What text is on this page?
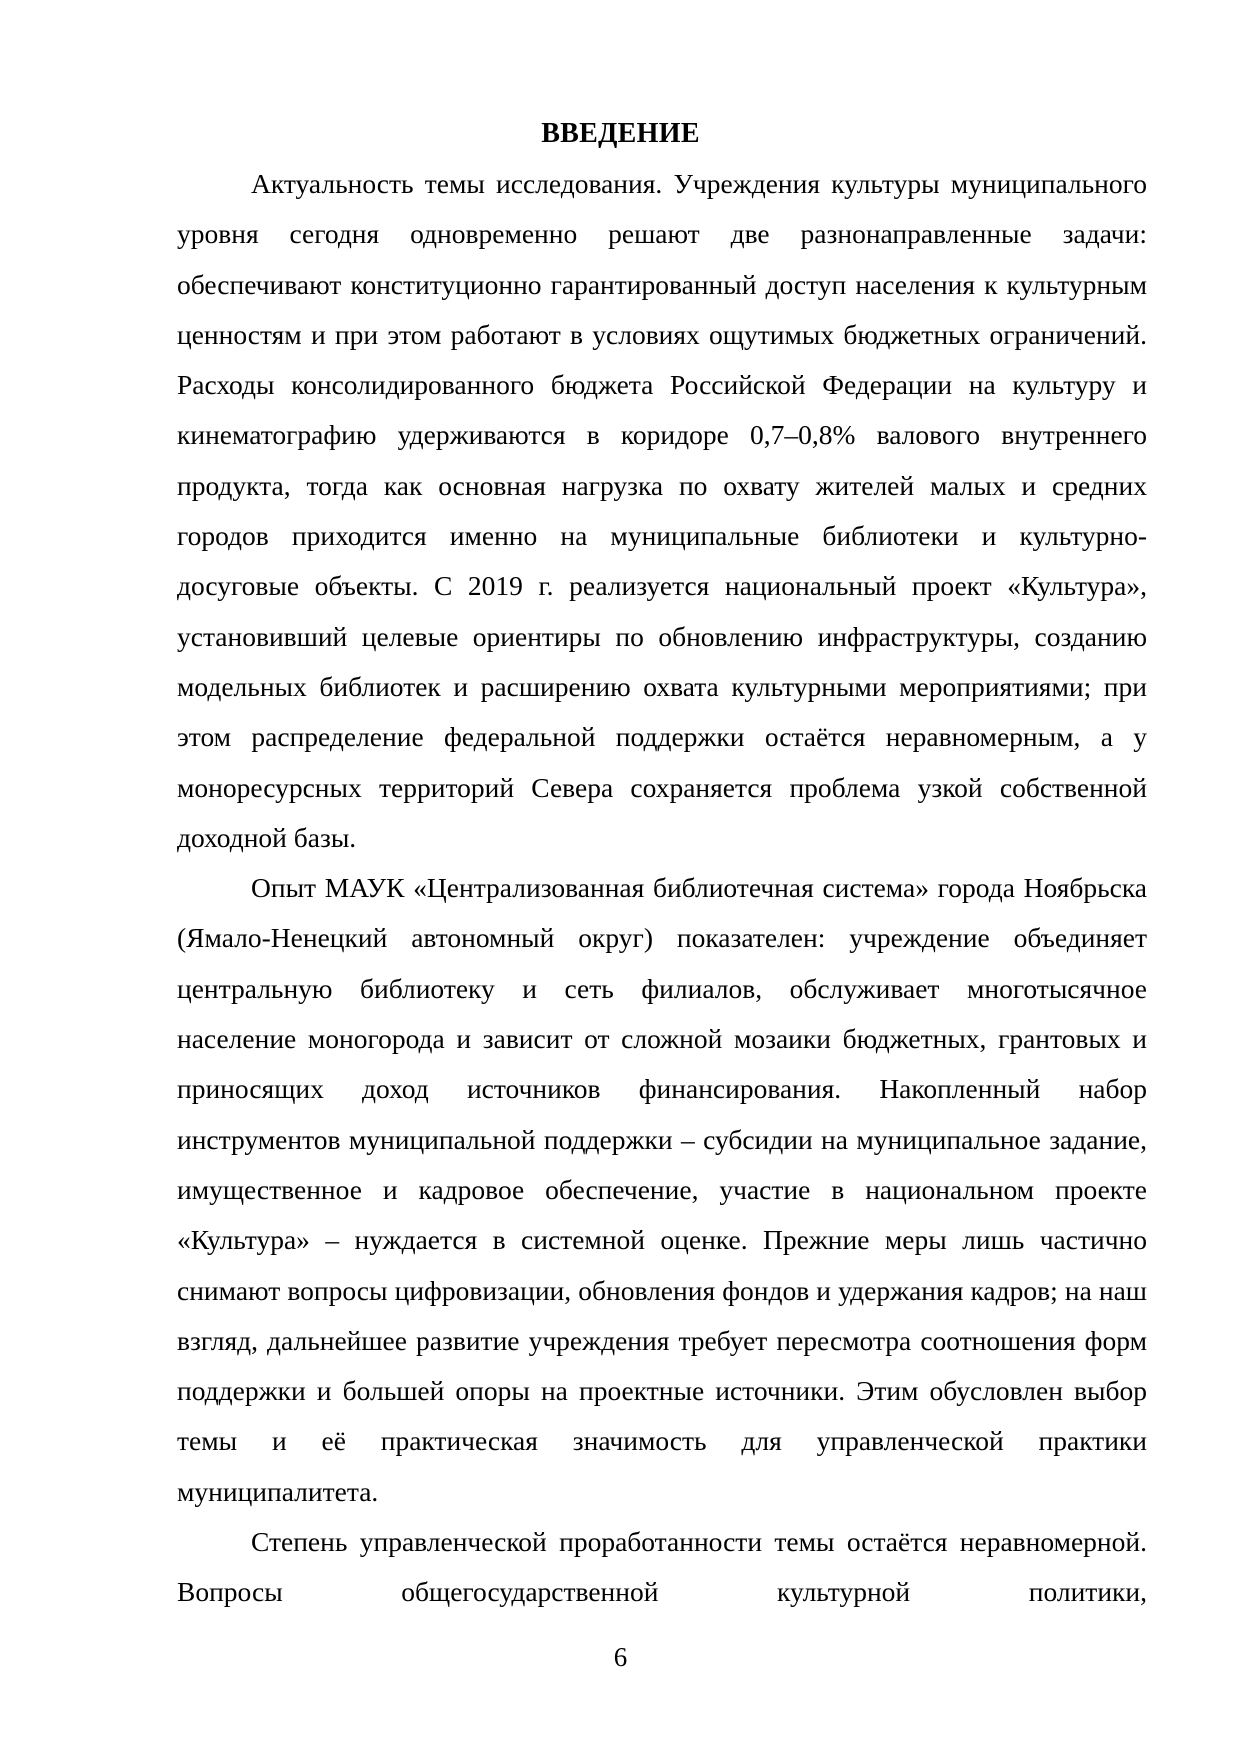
ВВЕДЕНИЕ

Актуальность темы исследования. Учреждения культуры муниципального уровня сегодня одновременно решают две разнонаправленные задачи: обеспечивают конституционно гарантированный доступ населения к культурным ценностям и при этом работают в условиях ощутимых бюджетных ограничений. Расходы консолидированного бюджета Российской Федерации на культуру и кинематографию удерживаются в коридоре 0,7–0,8% валового внутреннего продукта, тогда как основная нагрузка по охвату жителей малых и средних городов приходится именно на муниципальные библиотеки и культурно-досуговые объекты. С 2019 г. реализуется национальный проект «Культура», установивший целевые ориентиры по обновлению инфраструктуры, созданию модельных библиотек и расширению охвата культурными мероприятиями; при этом распределение федеральной поддержки остаётся неравномерным, а у моноресурсных территорий Севера сохраняется проблема узкой собственной доходной базы.

Опыт МАУК «Централизованная библиотечная система» города Ноябрьска (Ямало-Ненецкий автономный округ) показателен: учреждение объединяет центральную библиотеку и сеть филиалов, обслуживает многотысячное население моногорода и зависит от сложной мозаики бюджетных, грантовых и приносящих доход источников финансирования. Накопленный набор инструментов муниципальной поддержки – субсидии на муниципальное задание, имущественное и кадровое обеспечение, участие в национальном проекте «Культура» – нуждается в системной оценке. Прежние меры лишь частично снимают вопросы цифровизации, обновления фондов и удержания кадров; на наш взгляд, дальнейшее развитие учреждения требует пересмотра соотношения форм поддержки и большей опоры на проектные источники. Этим обусловлен выбор темы и её практическая значимость для управленческой практики муниципалитета.

Степень управленческой проработанности темы остаётся неравномерной. Вопросы общегосударственной культурной политики,

6
